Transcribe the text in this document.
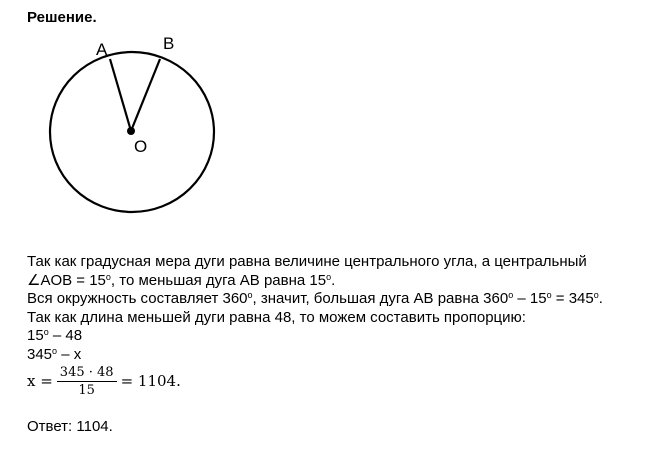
Решение.
A	B
O
Так как градусная мера дуги равна величине центрального угла, а центральный
∠AOB = $15^o$, то меньшая дуга AB равна 15$^o$.
Вся окружность составляет 360$^o$, значит, большая дуга AB равна $360^o - 15^o = 345^o$.
Так как длина меньшей дуги равна 48, то можем составить пропорцию:
15$^o$ – 48
345$^o$ – x
$x = \frac{345 \cdot 48}{15} = 1104$.
Ответ: 1104.
